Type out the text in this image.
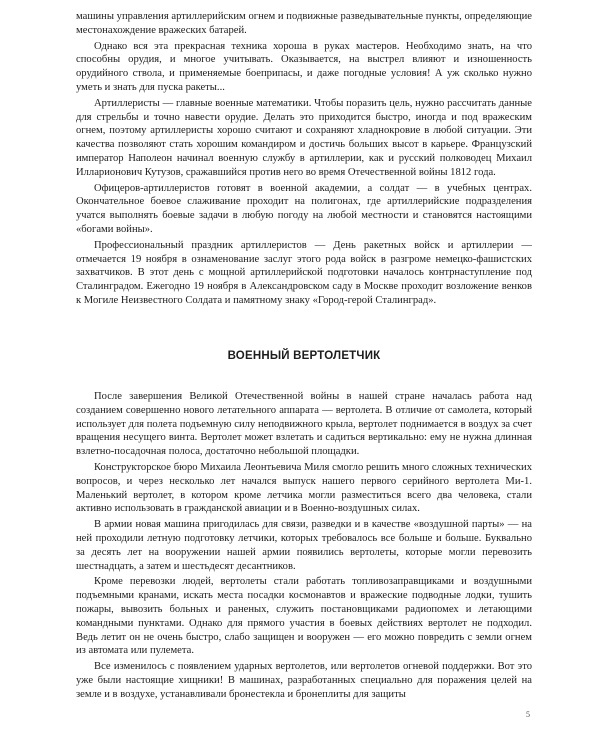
машины управления артиллерийским огнем и подвижные разведывательные пункты, определяющие местонахождение вражеских батарей.

Однако вся эта прекрасная техника хороша в руках мастеров. Необходимо знать, на что способны орудия, и многое учитывать. Оказывается, на выстрел влияют и изношенность орудийного ствола, и применяемые боеприпасы, и даже погодные условия! А уж сколько нужно уметь и знать для пуска ракеты...

Артиллеристы — главные военные математики. Чтобы поразить цель, нужно рассчитать данные для стрельбы и точно навести орудие. Делать это приходится быстро, иногда и под вражеским огнем, поэтому артиллеристы хорошо считают и сохраняют хладнокровие в любой ситуации. Эти качества позволяют стать хорошим командиром и достичь больших высот в карьере. Французский император Наполеон начинал военную службу в артиллерии, как и русский полководец Михаил Илларионович Кутузов, сражавшийся против него во время Отечественной войны 1812 года.

Офицеров-артиллеристов готовят в военной академии, а солдат — в учебных центрах. Окончательное боевое слаживание проходит на полигонах, где артиллерийские подразделения учатся выполнять боевые задачи в любую погоду на любой местности и становятся настоящими «богами войны».

Профессиональный праздник артиллеристов — День ракетных войск и артиллерии — отмечается 19 ноября в ознаменование заслуг этого рода войск в разгроме немецко-фашистских захватчиков. В этот день с мощной артиллерийской подготовки началось контрнаступление под Сталинградом. Ежегодно 19 ноября в Александровском саду в Москве проходит возложение венков к Могиле Неизвестного Солдата и памятному знаку «Город-герой Сталинград».

ВОЕННЫЙ ВЕРТОЛЕТЧИК

После завершения Великой Отечественной войны в нашей стране началась работа над созданием совершенно нового летательного аппарата — вертолета. В отличие от самолета, который использует для полета подъемную силу неподвижного крыла, вертолет поднимается в воздух за счет вращения несущего винта. Вертолет может взлетать и садиться вертикально: ему не нужна длинная взлетно-посадочная полоса, достаточно небольшой площадки.

Конструкторское бюро Михаила Леонтьевича Миля смогло решить много сложных технических вопросов, и через несколько лет начался выпуск нашего первого серийного вертолета Ми-1. Маленький вертолет, в котором кроме летчика могли разместиться всего два человека, стали активно использовать в гражданской авиации и в Военно-воздушных силах.

В армии новая машина пригодилась для связи, разведки и в качестве «воздушной парты» — на ней проходили летную подготовку летчики, которых требовалось все больше и больше. Буквально за десять лет на вооружении нашей армии появились вертолеты, которые могли перевозить шестнадцать, а затем и шестьдесят десантников.

Кроме перевозки людей, вертолеты стали работать топливозаправщиками и воздушными подъемными кранами, искать места посадки космонавтов и вражеские подводные лодки, тушить пожары, вывозить больных и раненых, служить постановщиками радиопомех и летающими командными пунктами. Однако для прямого участия в боевых действиях вертолет не подходил. Ведь летит он не очень быстро, слабо защищен и вооружен — его можно повредить с земли огнем из автомата или пулемета.

Все изменилось с появлением ударных вертолетов, или вертолетов огневой поддержки. Вот это уже были настоящие хищники! В машинах, разработанных специально для поражения целей на земле и в воздухе, устанавливали бронестекла и бронеплиты для защиты

5
